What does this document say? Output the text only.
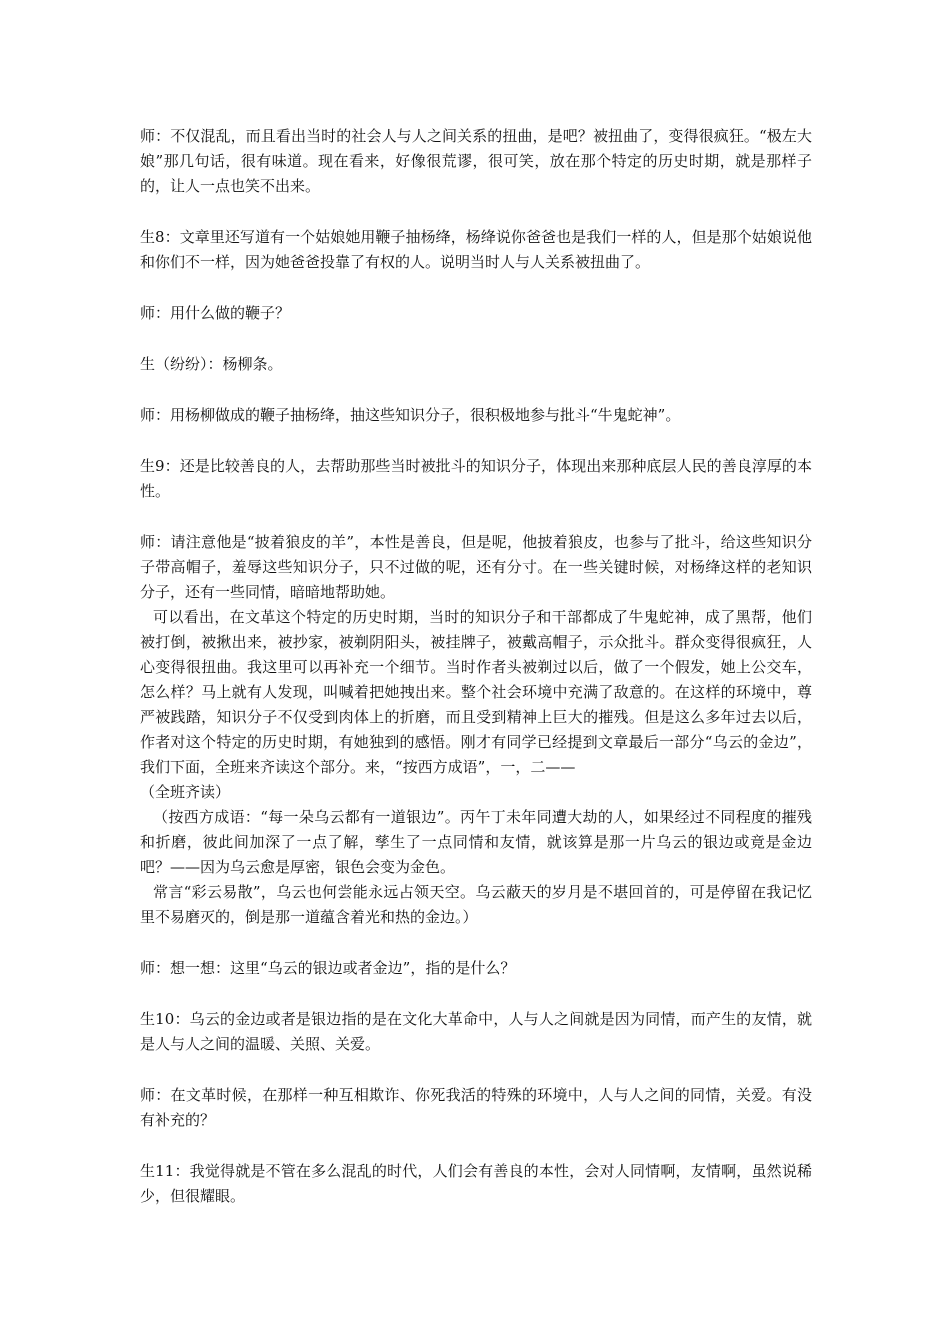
师：不仅混乱，而且看出当时的社会人与人之间关系的扭曲，是吧？被扭曲了，变得很疯狂。“极左大娘”那几句话，很有味道。现在看来，好像很荒谬，很可笑，放在那个特定的历史时期，就是那样子的，让人一点也笑不出来。

生8：文章里还写道有一个姑娘她用鞭子抽杨绛，杨绛说你爸爸也是我们一样的人，但是那个姑娘说他和你们不一样，因为她爸爸投靠了有权的人。说明当时人与人关系被扭曲了。

师：用什么做的鞭子？

生（纷纷）：杨柳条。

师：用杨柳做成的鞭子抽杨绛，抽这些知识分子，很积极地参与批斗“牛鬼蛇神”。

生9：还是比较善良的人，去帮助那些当时被批斗的知识分子，体现出来那种底层人民的善良淳厚的本性。

师：请注意他是“披着狼皮的羊”，本性是善良，但是呢，他披着狼皮，也参与了批斗，给这些知识分子带高帽子，羞辱这些知识分子，只不过做的呢，还有分寸。在一些关键时候，对杨绛这样的老知识分子，还有一些同情，暗暗地帮助她。

可以看出，在文革这个特定的历史时期，当时的知识分子和干部都成了牛鬼蛇神，成了黑帮，他们被打倒，被揪出来，被抄家，被剃阴阳头，被挂牌子，被戴高帽子，示众批斗。群众变得很疯狂，人心变得很扭曲。我这里可以再补充一个细节。当时作者头被剃过以后，做了一个假发，她上公交车，怎么样？马上就有人发现，叫喊着把她拽出来。整个社会环境中充满了敌意的。在这样的环境中，尊严被践踏，知识分子不仅受到肉体上的折磨，而且受到精神上巨大的摧残。但是这么多年过去以后，作者对这个特定的历史时期，有她独到的感悟。刚才有同学已经提到文章最后一部分“乌云的金边”，我们下面，全班来齐读这个部分。来，“按西方成语”，一，二——

（全班齐读）

（按西方成语：“每一朵乌云都有一道银边”。丙午丁未年同遭大劫的人，如果经过不同程度的摧残和折磨，彼此间加深了一点了解，孳生了一点同情和友情，就该算是那一片乌云的银边或竟是金边吧？——因为乌云愈是厚密，银色会变为金色。

常言“彩云易散”，乌云也何尝能永远占领天空。乌云蔽天的岁月是不堪回首的，可是停留在我记忆里不易磨灭的，倒是那一道蕴含着光和热的金边。）

师：想一想：这里“乌云的银边或者金边”，指的是什么？

生10：乌云的金边或者是银边指的是在文化大革命中，人与人之间就是因为同情，而产生的友情，就是人与人之间的温暖、关照、关爱。

师：在文革时候，在那样一种互相欺诈、你死我活的特殊的环境中，人与人之间的同情，关爱。有没有补充的？

生11：我觉得就是不管在多么混乱的时代，人们会有善良的本性，会对人同情啊，友情啊，虽然说稀少，但很耀眼。
